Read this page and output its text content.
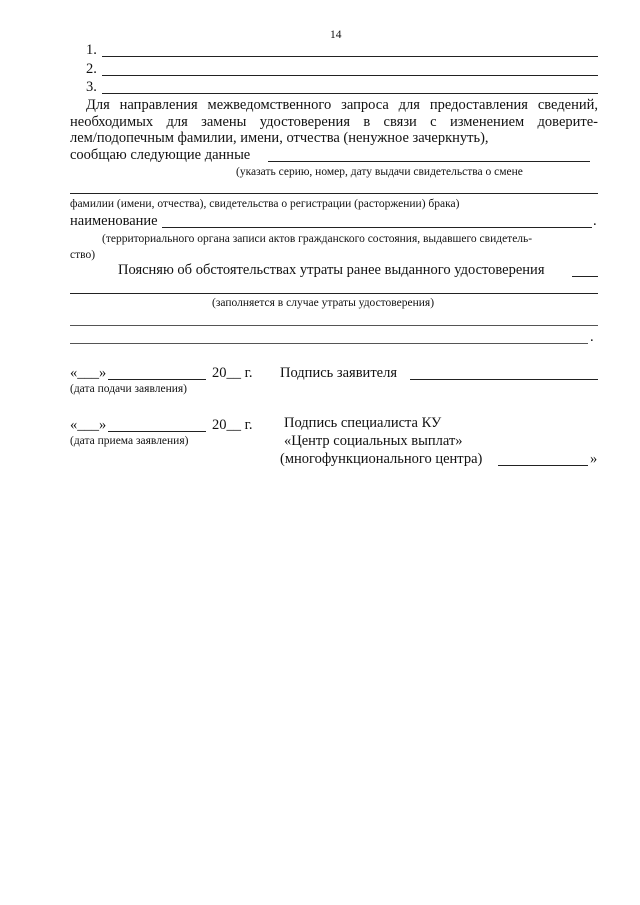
14
1.
2.
3.
Для направления межведомственного запроса для предоставления сведений,
необходимых для замены удостоверения в связи с изменением доверите-
лем/подопечным фамилии, имени, отчества (ненужное зачеркнуть),
сообщаю следующие данные
(указать серию, номер, дату выдачи свидетельства о смене
фамилии (имени, отчества), свидетельства о регистрации (расторжении) брака)
наименование	.
(территориального органа записи актов гражданского состояния, выдавшего свидетель-
ство)
Поясняю об обстоятельствах утраты ранее выданного удостоверения
(заполняется в случае утраты удостоверения)
.
«___»	20__ г. Подпись заявителя
(дата подачи заявления)
«___»	20__ г. Подпись специалиста КУ
(дата приема заявления)	«Центр социальных выплат»
(многофункционального центра)	»
